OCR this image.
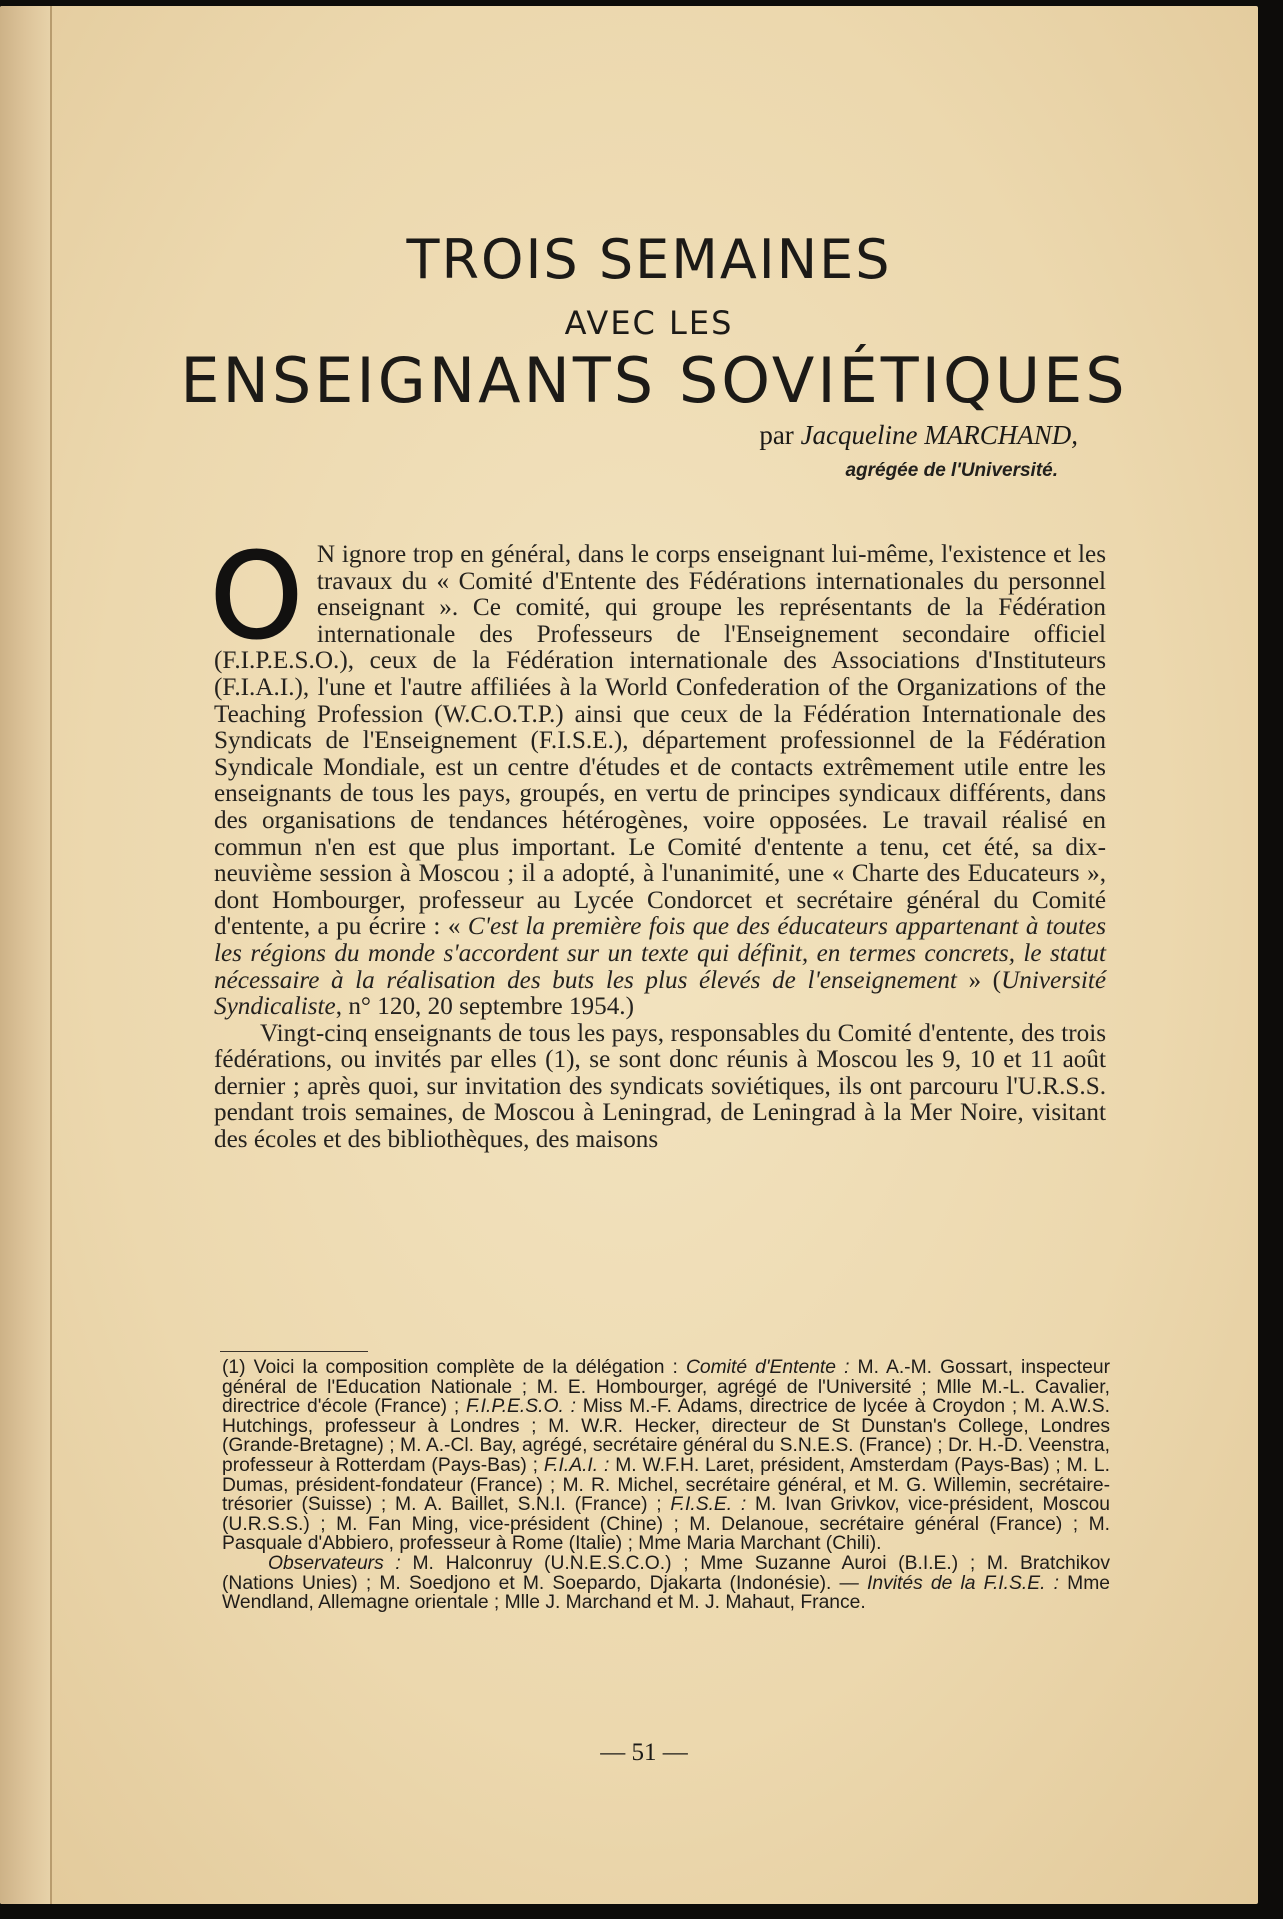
TROIS SEMAINES
AVEC LES
ENSEIGNANTS SOVIÉTIQUES
par Jacqueline MARCHAND,
agrégée de l'Université.

O N ignore trop en général, dans le corps enseignant lui-même, l'existence et les travaux du « Comité d'Entente des Fédérations internationales du personnel enseignant ». Ce comité, qui groupe les représentants de la Fédération internationale des Professeurs de l'Enseignement secondaire officiel (F.I.P.E.S.O.), ceux de la Fédération internationale des Associations d'Instituteurs (F.I.A.I.), l'une et l'autre affiliées à la World Confederation of the Organizations of the Teaching Profession (W.C.O.T.P.) ainsi que ceux de la Fédération Internationale des Syndicats de l'Enseignement (F.I.S.E.), département professionnel de la Fédération Syndicale Mondiale, est un centre d'études et de contacts extrêmement utile entre les enseignants de tous les pays, groupés, en vertu de principes syndicaux différents, dans des organisations de tendances hétérogènes, voire opposées. Le travail réalisé en commun n'en est que plus important. Le Comité d'entente a tenu, cet été, sa dix-neuvième session à Moscou ; il a adopté, à l'unanimité, une « Charte des Educateurs », dont Hombourger, professeur au Lycée Condorcet et secrétaire général du Comité d'entente, a pu écrire : « C'est la première fois que des éducateurs appartenant à toutes les régions du monde s'accordent sur un texte qui définit, en termes concrets, le statut nécessaire à la réalisation des buts les plus élevés de l'enseignement » (Université Syndicaliste, n° 120, 20 septembre 1954.)

Vingt-cinq enseignants de tous les pays, responsables du Comité d'entente, des trois fédérations, ou invités par elles (1), se sont donc réunis à Moscou les 9, 10 et 11 août dernier ; après quoi, sur invitation des syndicats soviétiques, ils ont parcouru l'U.R.S.S. pendant trois semaines, de Moscou à Leningrad, de Leningrad à la Mer Noire, visitant des écoles et des bibliothèques, des maisons

(1) Voici la composition complète de la délégation : Comité d'Entente : M. A.-M. Gossart, inspecteur général de l'Education Nationale ; M. E. Hombourger, agrégé de l'Université ; Mlle M.-L. Cavalier, directrice d'école (France) ; F.I.P.E.S.O. : Miss M.-F. Adams, directrice de lycée à Croydon ; M. A.W.S. Hutchings, professeur à Londres ; M. W.R. Hecker, directeur de St Dunstan's College, Londres (Grande-Bretagne) ; M. A.-Cl. Bay, agrégé, secrétaire général du S.N.E.S. (France) ; Dr. H.-D. Veenstra, professeur à Rotterdam (Pays-Bas) ; F.I.A.I. : M. W.F.H. Laret, président, Amsterdam (Pays-Bas) ; M. L. Dumas, président-fondateur (France) ; M. R. Michel, secrétaire général, et M. G. Willemin, secrétaire-trésorier (Suisse) ; M. A. Baillet, S.N.I. (France) ; F.I.S.E. : M. Ivan Grivkov, vice-président, Moscou (U.R.S.S.) ; M. Fan Ming, vice-président (Chine) ; M. Delanoue, secrétaire général (France) ; M. Pasquale d'Abbiero, professeur à Rome (Italie) ; Mme Maria Marchant (Chili).

Observateurs : M. Halconruy (U.N.E.S.C.O.) ; Mme Suzanne Auroi (B.I.E.) ; M. Bratchikov (Nations Unies) ; M. Soedjono et M. Soepardo, Djakarta (Indonésie). — Invités de la F.I.S.E. : Mme Wendland, Allemagne orientale ; Mlle J. Marchand et M. J. Mahaut, France.

— 51 —
